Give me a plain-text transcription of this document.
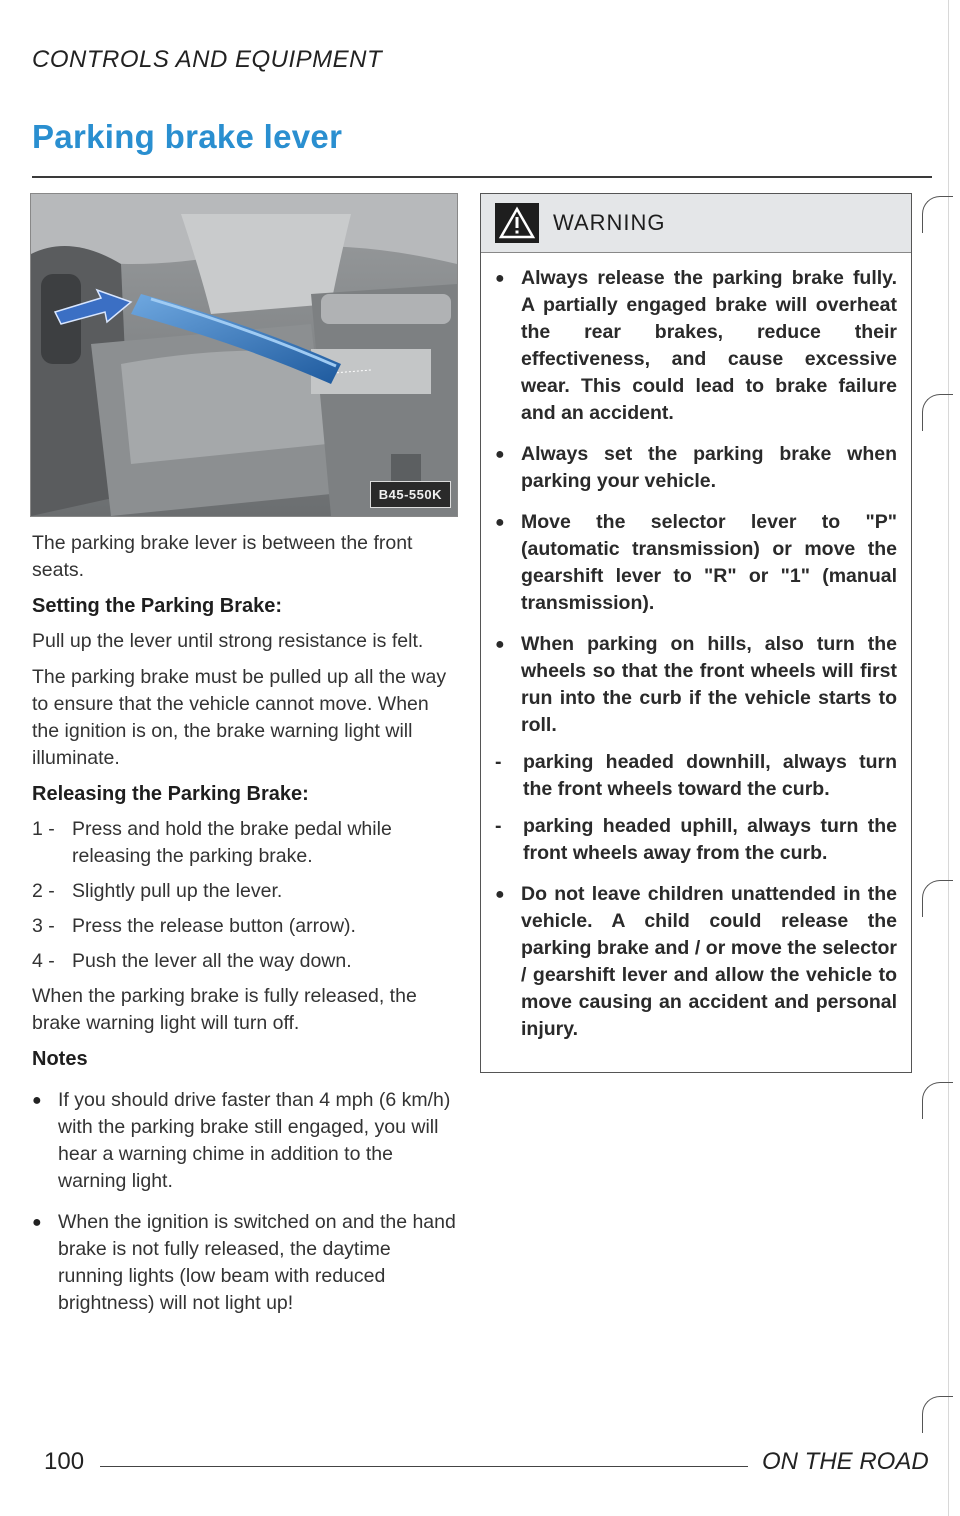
CONTROLS AND EQUIPMENT
Parking brake lever
B45-550K

The parking brake lever is between the front seats.

Setting the Parking Brake:

Pull up the lever until strong resistance is felt.

The parking brake must be pulled up all the way to ensure that the vehicle cannot move. When the ignition is on, the brake warning light will illuminate.

Releasing the Parking Brake:
1 - Press and hold the brake pedal while releasing the parking brake.
2 - Slightly pull up the lever.
3 - Press the release button (arrow).
4 - Push the lever all the way down.

When the parking brake is fully released, the brake warning light will turn off.

Notes
● If you should drive faster than 4 mph (6 km/h) with the parking brake still engaged, you will hear a warning chime in addition to the warning light.
● When the ignition is switched on and the hand brake is not fully released, the daytime running lights (low beam with reduced brightness) will not light up!
WARNING
● Always release the parking brake fully. A partially engaged brake will overheat the rear brakes, reduce their effectiveness, and cause excessive wear. This could lead to brake failure and an accident.
● Always set the parking brake when parking your vehicle.
● Move the selector lever to "P" (automatic transmission) or move the gearshift lever to "R" or "1" (manual transmission).
● When parking on hills, also turn the wheels so that the front wheels will first run into the curb if the vehicle starts to roll.
-	parking headed downhill, always turn the front wheels toward the curb.
-	parking headed uphill, always turn the front wheels away from the curb.
● Do not leave children unattended in the vehicle. A child could release the parking brake and / or move the selector / gearshift lever and allow the vehicle to move causing an accident and personal injury.
100	ON THE ROAD
